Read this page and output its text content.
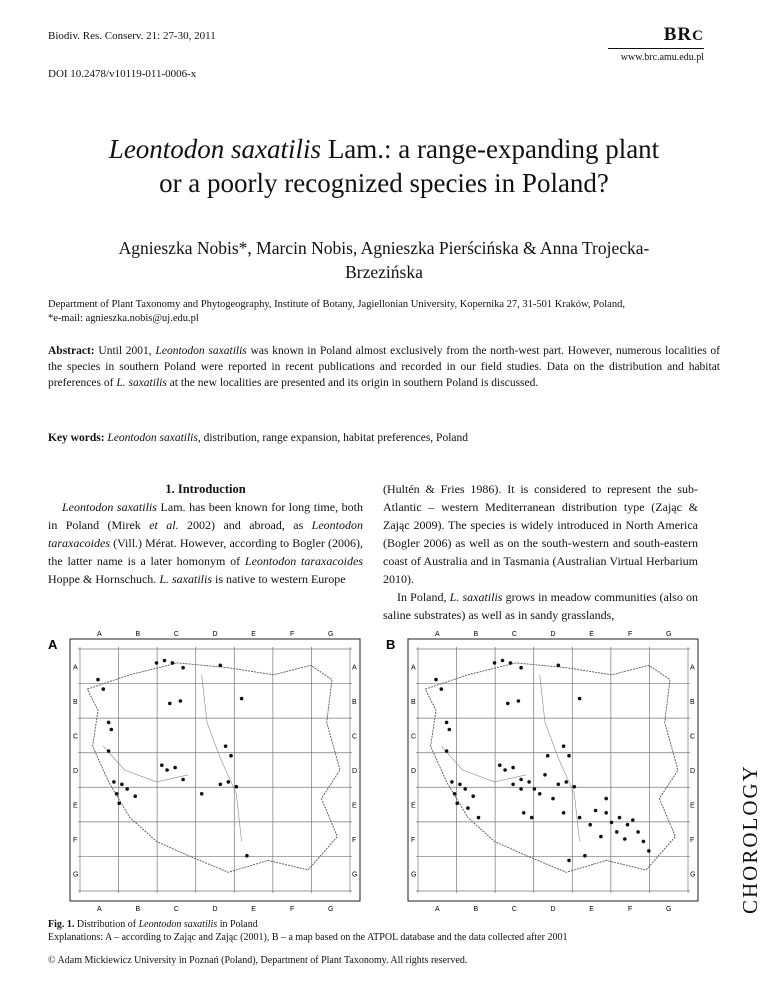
Biodiv. Res. Conserv. 21: 27-30, 2011
DOI 10.2478/v10119-011-0006-x
BRC
www.brc.amu.edu.pl
Leontodon saxatilis Lam.: a range-expanding plant
or a poorly recognized species in Poland?
Agnieszka Nobis*, Marcin Nobis, Agnieszka Pierścińska & Anna Trojecka-
Brzezińska
Department of Plant Taxonomy and Phytogeography, Institute of Botany, Jagiellonian University, Kopernika 27, 31-501 Kraków, Poland,
*e-mail: agnieszka.nobis@uj.edu.pl
Abstract: Until 2001, Leontodon saxatilis was known in Poland almost exclusively from the north-west part. However, numerous localities of the species in southern Poland were reported in recent publications and recorded in our field studies. Data on the distribution and habitat preferences of L. saxatilis at the new localities are presented and its origin in southern Poland is discussed.
Key words: Leontodon saxatilis, distribution, range expansion, habitat preferences, Poland

1. Introduction

Leontodon saxatilis Lam. has been known for long time, both in Poland (Mirek et al. 2002) and abroad, as Leontodon taraxacoides (Vill.) Mérat. However, according to Bogler (2006), the latter name is a later homonym of Leontodon taraxacoides Hoppe & Hornschuch. L. saxatilis is native to western Europe

(Hultén & Fries 1986). It is considered to represent the sub-Atlantic – western Mediterranean distribution type (Zając & Zając 2009). The species is widely introduced in North America (Bogler 2006) as well as on the south-western and south-eastern coast of Australia and in Tasmania (Australian Virtual Herbarium 2010).

In Poland, L. saxatilis grows in meadow communities (also on saline substrates) as well as in sandy grasslands,

CHOROLOGY
A
A
A
B
B
C
C
D
D
E
E
F
F
G
G
A	A
B	B
C	C
D	D
E	E
F	F
G	G
B
A
A
B
B
C
C
D
D
E
E
F
F
G
G
A	A
B	B
C	C
D	D
E	E
F	F
G	G
Fig. 1. Distribution of Leontodon saxatilis in Poland
Explanations: A – according to Zając and Zając (2001), B – a map based on the ATPOL database and the data collected after 2001
© Adam Mickiewicz University in Poznań (Poland), Department of Plant Taxonomy. All rights reserved.
